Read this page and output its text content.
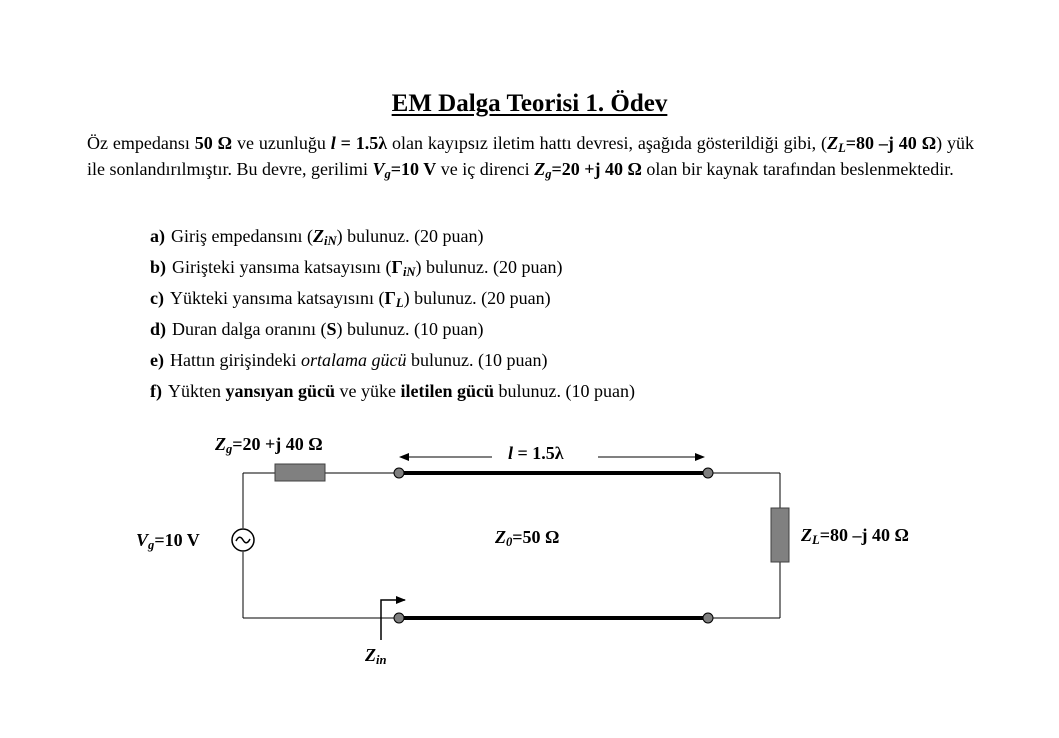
EM Dalga Teorisi 1. Ödev
Öz empedansı 50 Ω ve uzunluğu l = 1.5λ olan kayıpsız iletim hattı devresi, aşağıda gösterildiği gibi, ($Z_L=80$ –j 40 Ω) yük ile sonlandırılmıştır. Bu devre, gerilimi $V_g=10$ V ve iç direnci $Z_g=20 +j$ 40 Ω olan bir kaynak tarafından beslenmektedir.
a) Giriş empedansını $(Z_{iN})$ bulunuz. (20 puan)
b) Girişteki yansıma katsayısını $(\Gamma_{iN})$ bulunuz. (20 puan)
c) Yükteki yansıma katsayısını $(\Gamma_L)$ bulunuz. (20 puan)
d) Duran dalga oranını (S) bulunuz. (10 puan)
e) Hattın girişindeki ortalama gücü bulunuz. (10 puan)
f) Yükten yansıyan gücü ve yüke iletilen gücü bulunuz. (10 puan)
$Z_g=20 +j$ 40 Ω	l = 1.5λ
$V_g=10$ V	$Z_0=50$ Ω	$Z_L=80$ –j 40 Ω
$Z_{in}$
